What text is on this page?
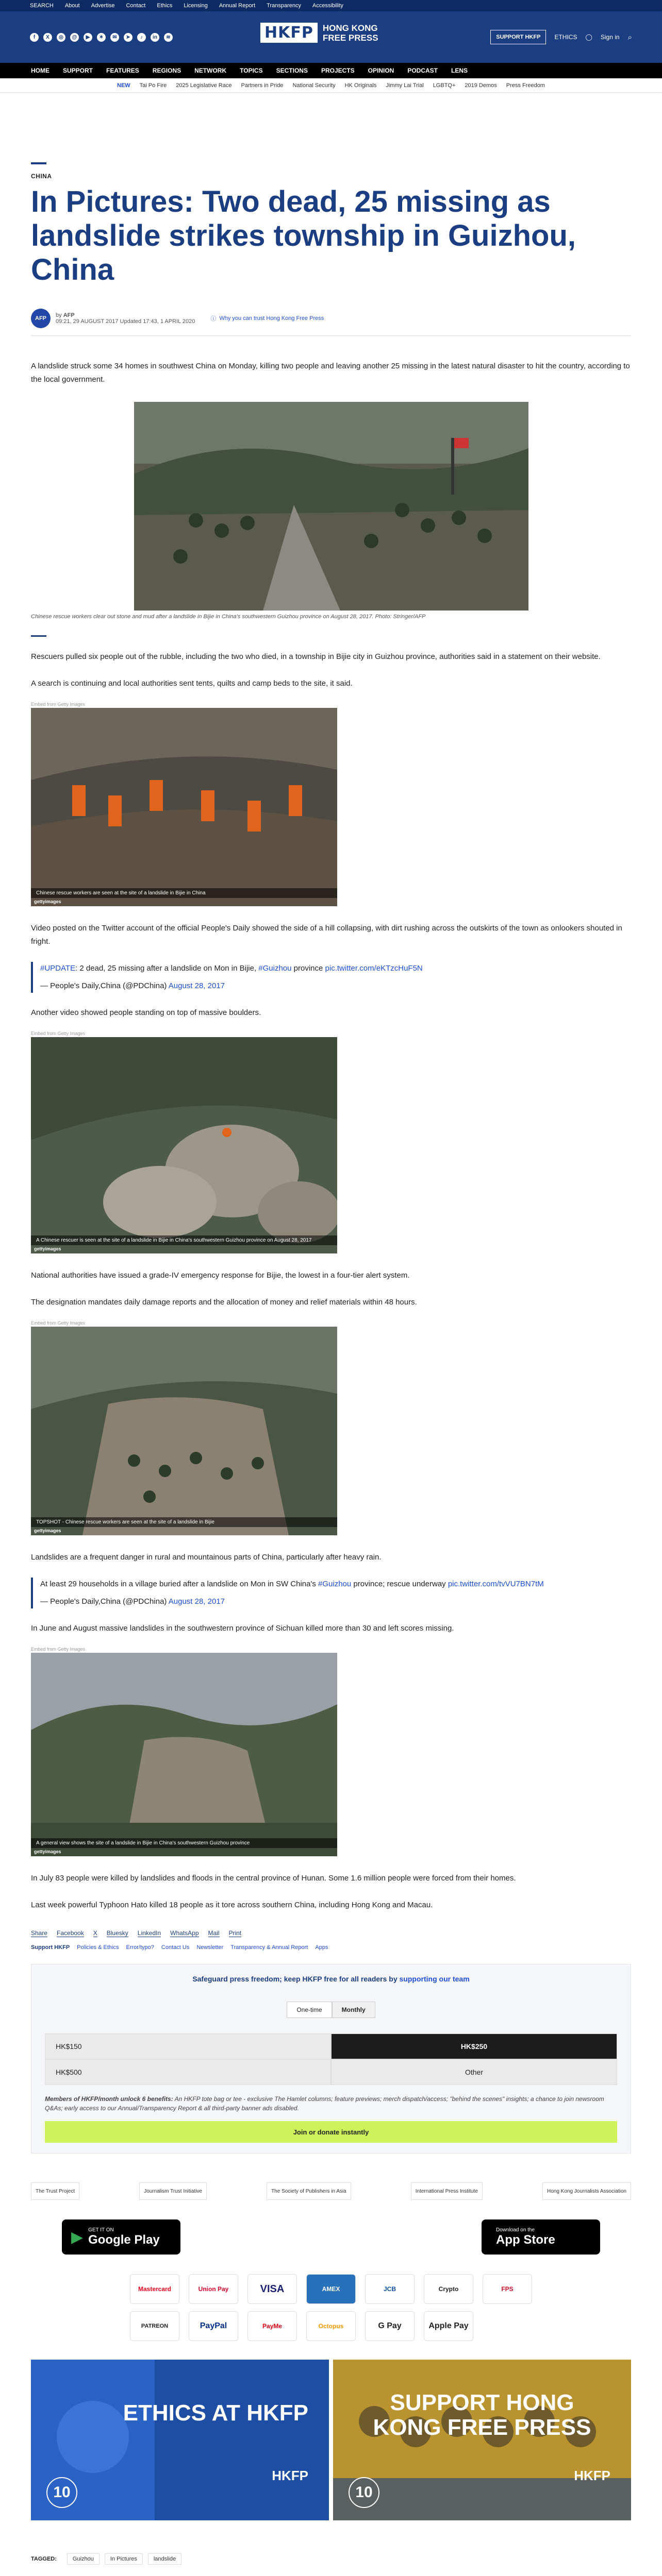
SEARCH About Advertise Contact Ethics Licensing Annual Report Transparency Accessibility
f	X	◎	@	▶	✶	✉	➤	♪	in	≋	HKFP	HONG KONG
FREE PRESS	SUPPORT HKFP	ETHICS ◯ Sign in ⌕
HOME SUPPORT FEATURES REGIONS NETWORK TOPICS SECTIONS PROJECTS OPINION PODCAST LENS
NEW Tai Po Fire 2025 Legislative Race Partners in Pride National Security HK Originals Jimmy Lai Trial LGBTQ+ 2019 Demos Press Freedom
CHINA
In Pictures: Two dead, 25 missing as landslide strikes township in Guizhou, China
AFP	by AFP
09:21, 29 AUGUST 2017 Updated 17:43, 1 APRIL 2020	ⓘ Why you can trust Hong Kong Free Press

A landslide struck some 34 homes in southwest China on Monday, killing two people and leaving another 25 missing in the latest natural disaster to hit the country, according to the local government.

Chinese rescue workers clear out stone and mud after a landslide in Bijie in China's southwestern Guizhou province on August 28, 2017. Photo: Stringer/AFP

Rescuers pulled six people out of the rubble, including the two who died, in a township in Bijie city in Guizhou province, authorities said in a statement on their website.

A search is continuing and local authorities sent tents, quilts and camp beds to the site, it said.

Embed from Getty Images
Chinese rescue workers are seen at the site of a landslide in Bijie in China
gettyimages

Video posted on the Twitter account of the official People's Daily showed the side of a hill collapsing, with dirt rushing across the outskirts of the town as onlookers shouted in fright.

#UPDATE: 2 dead, 25 missing after a landslide on Mon in Bijie, #Guizhou province pic.twitter.com/eKTzcHuF5N
— People's Daily,China (@PDChina) August 28, 2017

Another video showed people standing on top of massive boulders.

Embed from Getty Images
A Chinese rescuer is seen at the site of a landslide in Bijie in China's southwestern Guizhou province on August 28, 2017
gettyimages

National authorities have issued a grade-IV emergency response for Bijie, the lowest in a four-tier alert system.

The designation mandates daily damage reports and the allocation of money and relief materials within 48 hours.

Embed from Getty Images
TOPSHOT - Chinese rescue workers are seen at the site of a landslide in Bijie
gettyimages

Landslides are a frequent danger in rural and mountainous parts of China, particularly after heavy rain.

At least 29 households in a village buried after a landslide on Mon in SW China's #Guizhou province; rescue underway pic.twitter.com/tvVU7BN7tM
— People's Daily,China (@PDChina) August 28, 2017

In June and August massive landslides in the southwestern province of Sichuan killed more than 30 and left scores missing.

Embed from Getty Images
A general view shows the site of a landslide in Bijie in China's southwestern Guizhou province
gettyimages

In July 83 people were killed by landslides and floods in the central province of Hunan. Some 1.6 million people were forced from their homes.

Last week powerful Typhoon Hato killed 18 people as it tore across southern China, including Hong Kong and Macau.

Share Facebook X Bluesky LinkedIn WhatsApp Mail Print
Support HKFP Policies & Ethics Error/typo? Contact Us Newsletter Transparency & Annual Report Apps
Safeguard press freedom; keep HKFP free for all readers by supporting our team
One-time	Monthly
HK$150	HK$250
HK$500	Other
Members of HKFP/month unlock 6 benefits: An HKFP tote bag or tee - exclusive The Hamlet columns; feature previews; merch dispatch/access; "behind the scenes" insights; a chance to join newsroom Q&As; early access to our Annual/Transparency Report & all third-party banner ads disabled.
Join or donate instantly
The Trust Project	Journalism Trust Initiative	The Society of Publishers in Asia	International Press Institute	Hong Kong Journalists Association
▶ GET IT ON
Google Play
Download on the
App Store
Mastercard	Union Pay	VISA	AMEX	JCB	Crypto	FPS
PATREON	PayPal	PayMe	Octopus	G Pay	Apple Pay
ETHICS AT HKFP
HKFP
10
SUPPORT HONG KONG FREE PRESS
HKFP
10
TAGGED:	Guizhou	In Pictures	landslide
